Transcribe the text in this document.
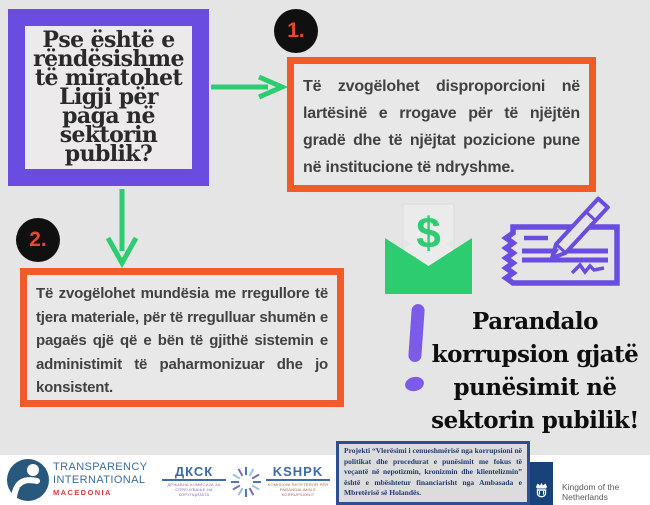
Pse është e
rëndësishme
të miratohet
Ligji për
paga në
sektorin
publik?
1.
Të zvogëlohet disproporcioni në lartësinë e rrogave për të njëjtën gradë dhe të njëjtat pozicione pune në institucione të ndryshme.
2.
Të zvogëlohet mundësia me rregullore të tjera materiale, për të rregulluar shumën e pagaës qjë që e bën të gjithë sistemin e administimit të paharmonizuar dhe jo konsistent.
$
Parandalo
korrupsion gjatë
punësimit në
sektorin pubilik!
TRANSPARENCY
INTERNATIONAL
MACEDONIA
ДКСК
ДРЖАВНА КОМИСИЈА ЗА СПРЕЧУВАЊЕ НА КОРУПЦИЈАТА
KSHPK
KOMISIONI SHTETËROR PËR PARANDALIMIN E KORRUPSIONIT
Projekti “Vlerësimi i cenueshmërisë nga korrupsioni në politikat dhe procedurat e punësimit me fokus të veçantë në nepotizmin, kronizmin dhe klientelizmin” është e mbështetur financiarisht nga Ambasada e Mbretërisë së Holandës.
Kingdom of the Netherlands
